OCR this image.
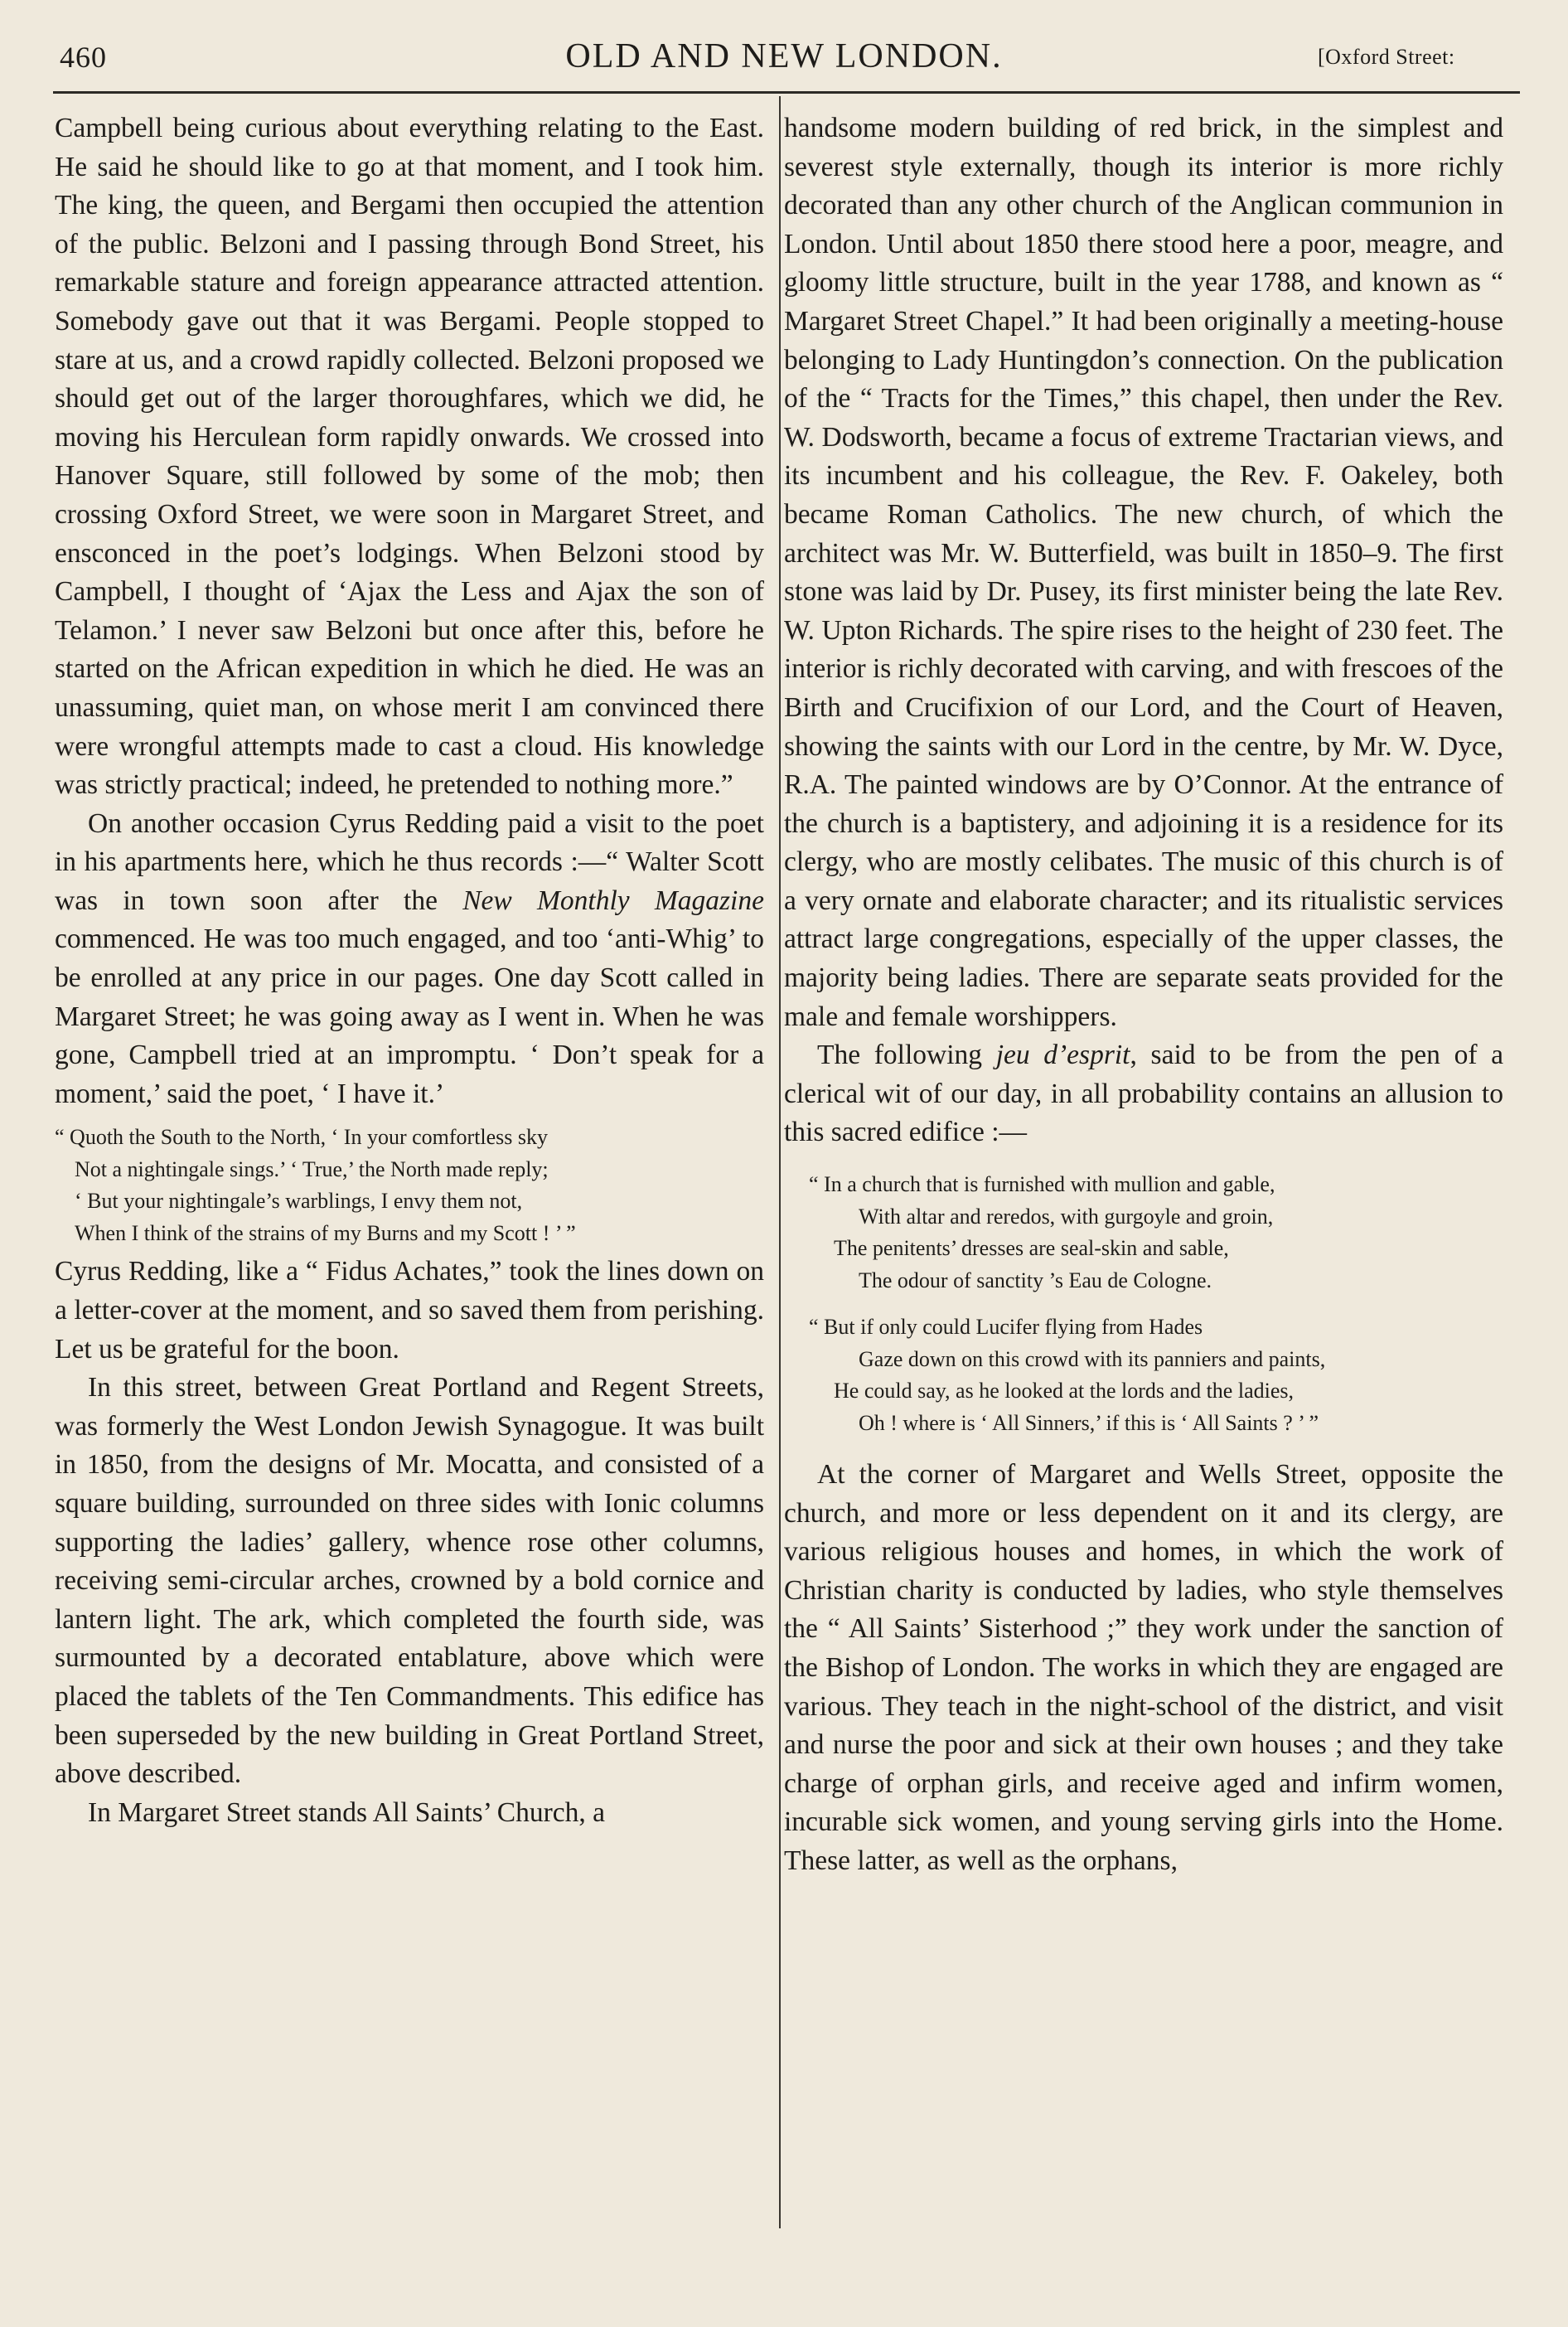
460	OLD AND NEW LONDON.	[Oxford Street:

Campbell being curious about everything relating to the East. He said he should like to go at that moment, and I took him. The king, the queen, and Bergami then occupied the attention of the public. Belzoni and I passing through Bond Street, his remarkable stature and foreign appearance attracted attention. Somebody gave out that it was Bergami. People stopped to stare at us, and a crowd rapidly collected. Belzoni proposed we should get out of the larger thoroughfares, which we did, he moving his Herculean form rapidly onwards. We crossed into Hanover Square, still followed by some of the mob; then crossing Oxford Street, we were soon in Margaret Street, and ensconced in the poet’s lodgings. When Belzoni stood by Campbell, I thought of ‘Ajax the Less and Ajax the son of Telamon.’ I never saw Belzoni but once after this, before he started on the African expedition in which he died. He was an unassuming, quiet man, on whose merit I am convinced there were wrongful attempts made to cast a cloud. His knowledge was strictly practical; indeed, he pretended to nothing more.”

On another occasion Cyrus Redding paid a visit to the poet in his apartments here, which he thus records :—“ Walter Scott was in town soon after the New Monthly Magazine commenced. He was too much engaged, and too ‘anti-Whig’ to be enrolled at any price in our pages. One day Scott called in Margaret Street; he was going away as I went in. When he was gone, Campbell tried at an impromptu. ‘ Don’t speak for a moment,’ said the poet, ‘ I have it.’

“ Quoth the South to the North, ‘ In your comfortless sky
Not a nightingale sings.’ ‘ True,’ the North made reply;
‘ But your nightingale’s warblings, I envy them not,
When I think of the strains of my Burns and my Scott ! ’ ”

Cyrus Redding, like a “ Fidus Achates,” took the lines down on a letter-cover at the moment, and so saved them from perishing. Let us be grateful for the boon.

In this street, between Great Portland and Regent Streets, was formerly the West London Jewish Synagogue. It was built in 1850, from the designs of Mr. Mocatta, and consisted of a square building, surrounded on three sides with Ionic columns supporting the ladies’ gallery, whence rose other columns, receiving semi-circular arches, crowned by a bold cornice and lantern light. The ark, which completed the fourth side, was surmounted by a decorated entablature, above which were placed the tablets of the Ten Commandments. This edifice has been superseded by the new building in Great Portland Street, above described.

In Margaret Street stands All Saints’ Church, a

handsome modern building of red brick, in the simplest and severest style externally, though its interior is more richly decorated than any other church of the Anglican communion in London. Until about 1850 there stood here a poor, meagre, and gloomy little structure, built in the year 1788, and known as “ Margaret Street Chapel.” It had been originally a meeting-house belonging to Lady Huntingdon’s connection. On the publication of the “ Tracts for the Times,” this chapel, then under the Rev. W. Dodsworth, became a focus of extreme Tractarian views, and its incumbent and his colleague, the Rev. F. Oakeley, both became Roman Catholics. The new church, of which the architect was Mr. W. Butterfield, was built in 1850–9. The first stone was laid by Dr. Pusey, its first minister being the late Rev. W. Upton Richards. The spire rises to the height of 230 feet. The interior is richly decorated with carving, and with frescoes of the Birth and Crucifixion of our Lord, and the Court of Heaven, showing the saints with our Lord in the centre, by Mr. W. Dyce, R.A. The painted windows are by O’Connor. At the entrance of the church is a baptistery, and adjoining it is a residence for its clergy, who are mostly celibates. The music of this church is of a very ornate and elaborate character; and its ritualistic services attract large congregations, especially of the upper classes, the majority being ladies. There are separate seats provided for the male and female worshippers.

The following jeu d’esprit, said to be from the pen of a clerical wit of our day, in all probability contains an allusion to this sacred edifice :—

“ In a church that is furnished with mullion and gable,
With altar and reredos, with gurgoyle and groin,
The penitents’ dresses are seal-skin and sable,
The odour of sanctity ’s Eau de Cologne.
“ But if only could Lucifer flying from Hades
Gaze down on this crowd with its panniers and paints,
He could say, as he looked at the lords and the ladies,
Oh ! where is ‘ All Sinners,’ if this is ‘ All Saints ? ’ ”

At the corner of Margaret and Wells Street, opposite the church, and more or less dependent on it and its clergy, are various religious houses and homes, in which the work of Christian charity is conducted by ladies, who style themselves the “ All Saints’ Sisterhood ;” they work under the sanction of the Bishop of London. The works in which they are engaged are various. They teach in the night-school of the district, and visit and nurse the poor and sick at their own houses ; and they take charge of orphan girls, and receive aged and infirm women, incurable sick women, and young serving girls into the Home. These latter, as well as the orphans,
